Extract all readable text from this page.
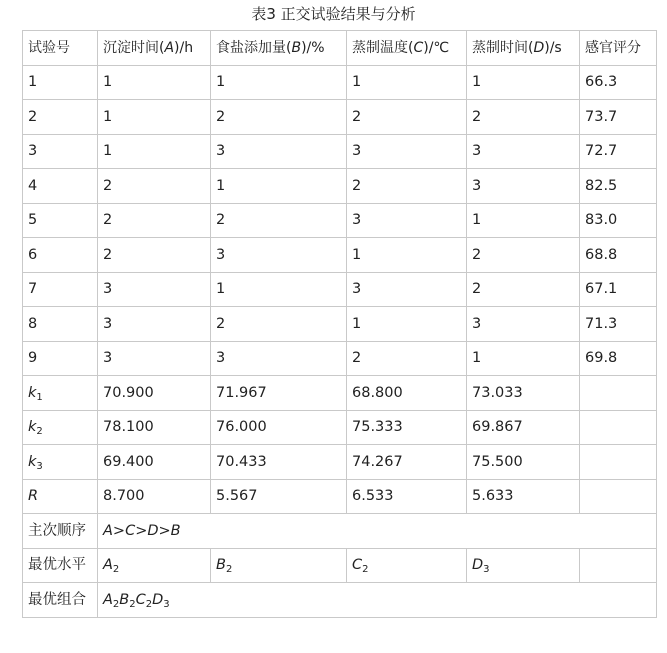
表3 正交试验结果与分析
试验号	沉淀时间(A)/h	食盐添加量(B)/%	蒸制温度(C)/℃	蒸制时间(D)/s	感官评分
1	1	1	1	1	66.3
2	1	2	2	2	73.7
3	1	3	3	3	72.7
4	2	1	2	3	82.5
5	2	2	3	1	83.0
6	2	3	1	2	68.8
7	3	1	3	2	67.1
8	3	2	1	3	71.3
9	3	3	2	1	69.8
$k_1$	70.900	71.967	68.800	73.033	
$k_2$	78.100	76.000	75.333	69.867	
$k_3$	69.400	70.433	74.267	75.500	
R	8.700	5.567	6.533	5.633	
主次顺序	A>C>D>B				
最优水平	$A_2$	$B_2$	$C_2$	$D_3$	
最优组合	$A_2B_2C_2D_3$
